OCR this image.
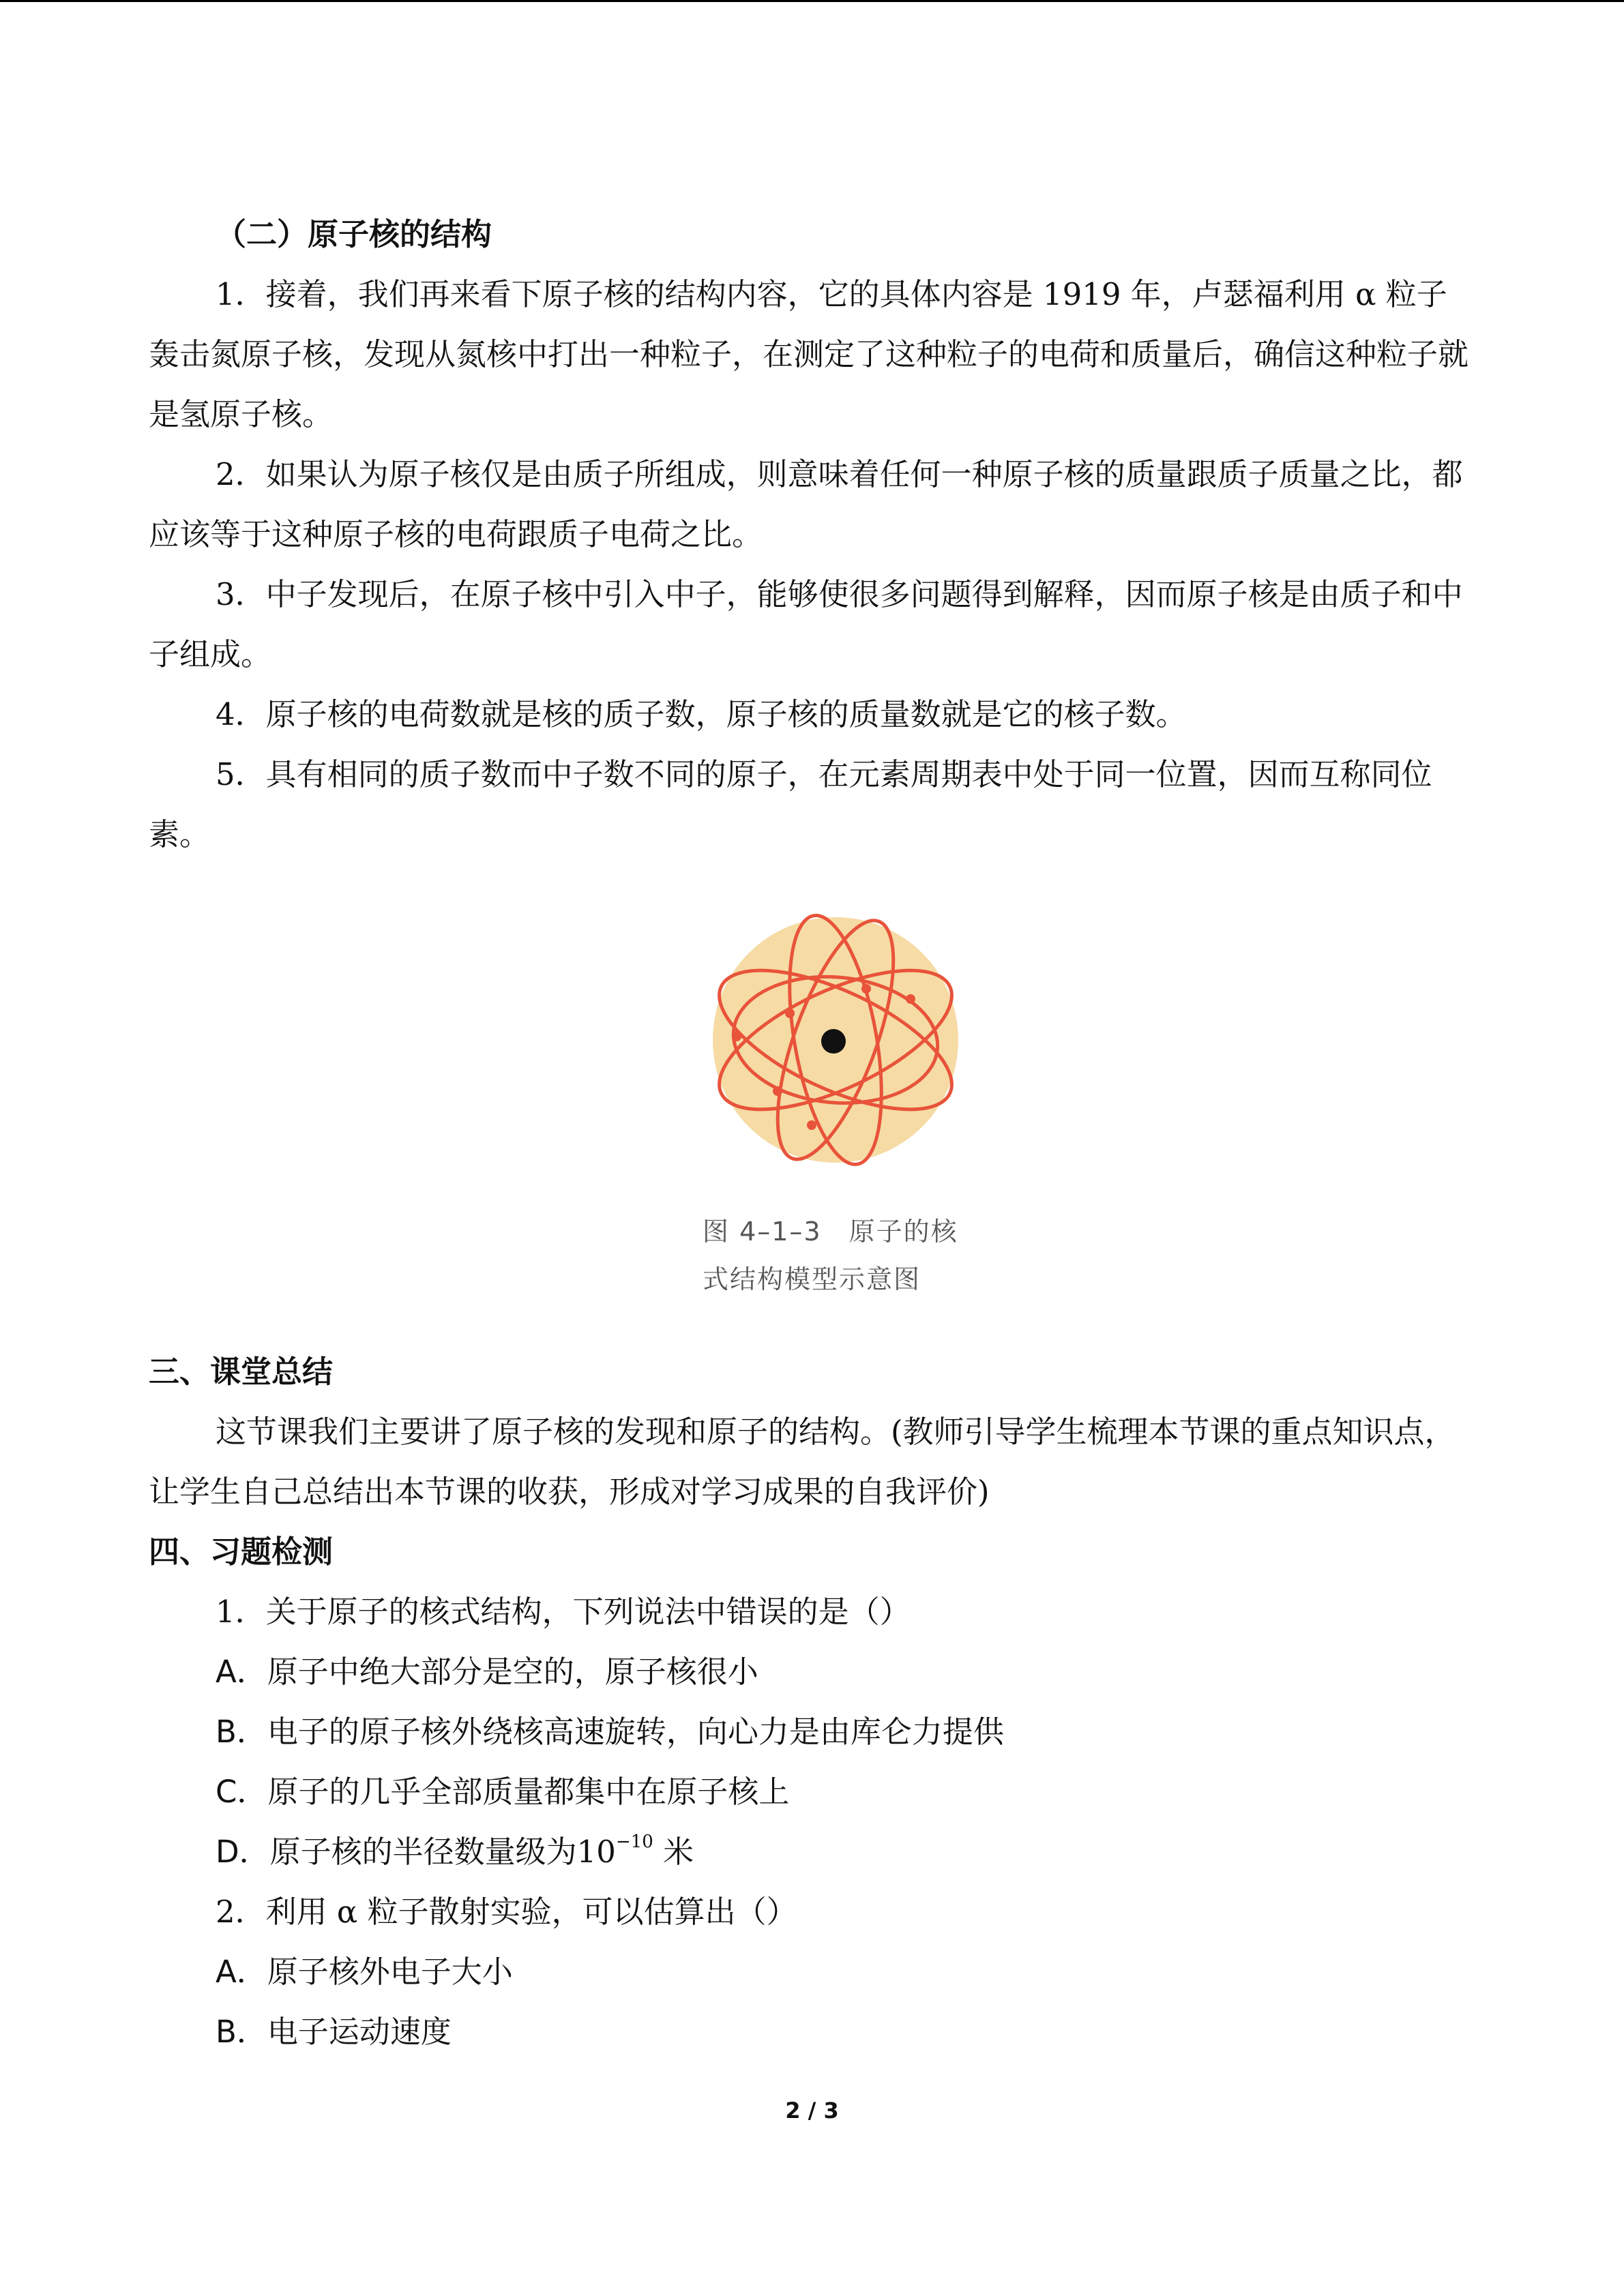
（二）原子核的结构
1．接着，我们再来看下原子核的结构内容，它的具体内容是 1919 年，卢瑟福利用 α 粒子轰击氮原子核，发现从氮核中打出一种粒子，在测定了这种粒子的电荷和质量后，确信这种粒子就是氢原子核。
2．如果认为原子核仅是由质子所组成，则意味着任何一种原子核的质量跟质子质量之比，都应该等于这种原子核的电荷跟质子电荷之比。
3．中子发现后，在原子核中引入中子，能够使很多问题得到解释，因而原子核是由质子和中子组成。
4．原子核的电荷数就是核的质子数，原子核的质量数就是它的核子数。
5．具有相同的质子数而中子数不同的原子，在元素周期表中处于同一位置，因而互称同位素。
图 4–1–3　原子的核
式结构模型示意图
三、课堂总结
这节课我们主要讲了原子核的发现和原子的结构。(教师引导学生梳理本节课的重点知识点，让学生自己总结出本节课的收获，形成对学习成果的自我评价)
四、习题检测
1．关于原子的核式结构，下列说法中错误的是（）
A．原子中绝大部分是空的，原子核很小
B．电子的原子核外绕核高速旋转，向心力是由库仑力提供
C．原子的几乎全部质量都集中在原子核上
D．原子核的半径数量级为$10^{-10}$ 米
2．利用 α 粒子散射实验，可以估算出（）
A．原子核外电子大小
B．电子运动速度
2 / 3
